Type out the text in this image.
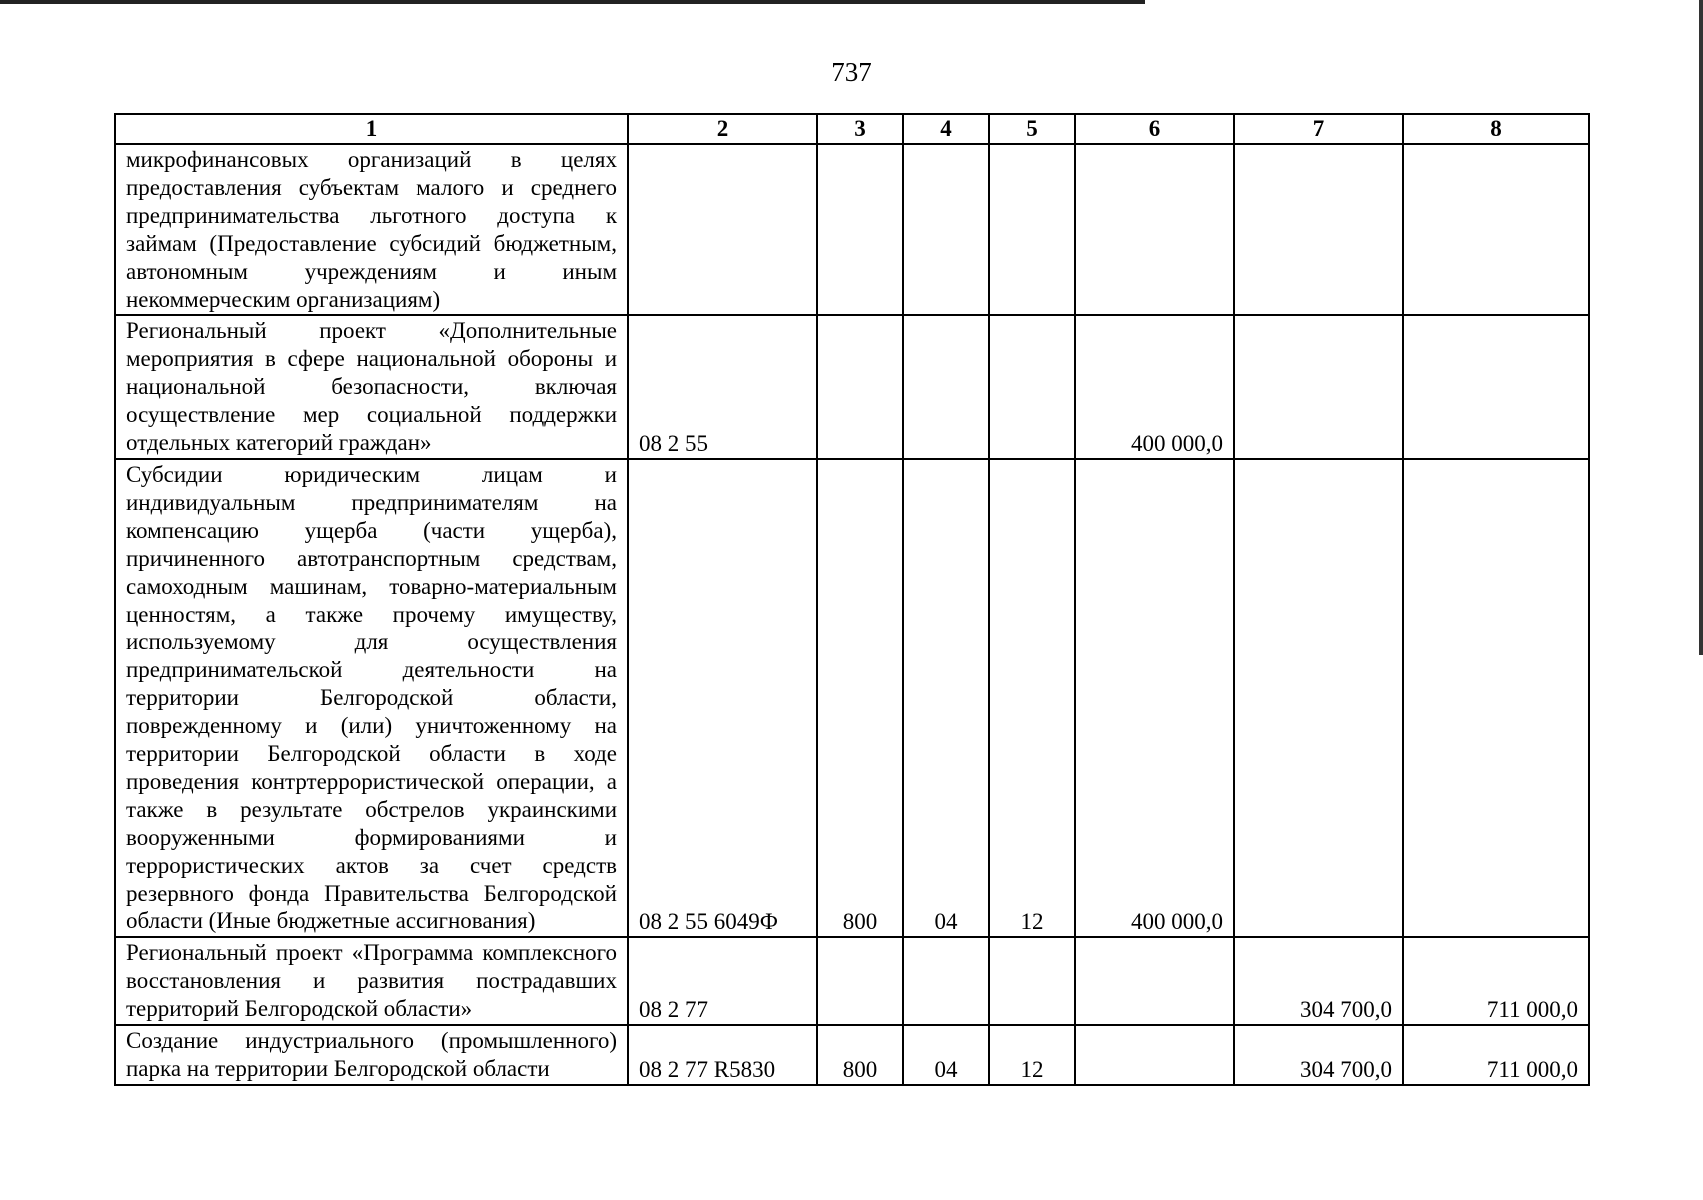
737
1	2	3	4	5	6	7	8
микрофинансовых организаций в целях предоставления субъектам малого и среднего предпринимательства льготного доступа к займам (Предоставление субсидий бюджетным, автономным учреждениям и иным некоммерческим организациям)							
Региональный проект «Дополнительные мероприятия в сфере национальной обороны и национальной безопасности, включая осуществление мер социальной поддержки отдельных категорий граждан»	08 2 55				400 000,0		
Субсидии юридическим лицам и индивидуальным предпринимателям на компенсацию ущерба (части ущерба), причиненного автотранспортным средствам, самоходным машинам, товарно-материальным ценностям, а также прочему имуществу, используемому для осуществления предпринимательской деятельности на территории Белгородской области, поврежденному и (или) уничтоженному на территории Белгородской области в ходе проведения контртеррористической операции, а также в результате обстрелов украинскими вооруженными формированиями и террористических актов за счет средств резервного фонда Правительства Белгородской области (Иные бюджетные ассигнования)	08 2 55 6049Ф	800	04	12	400 000,0		
Региональный проект «Программа комплексного восстановления и развития пострадавших территорий Белгородской области»	08 2 77					304 700,0	711 000,0
Создание индустриального (промышленного) парка на территории Белгородской области	08 2 77 R5830	800	04	12		304 700,0	711 000,0
